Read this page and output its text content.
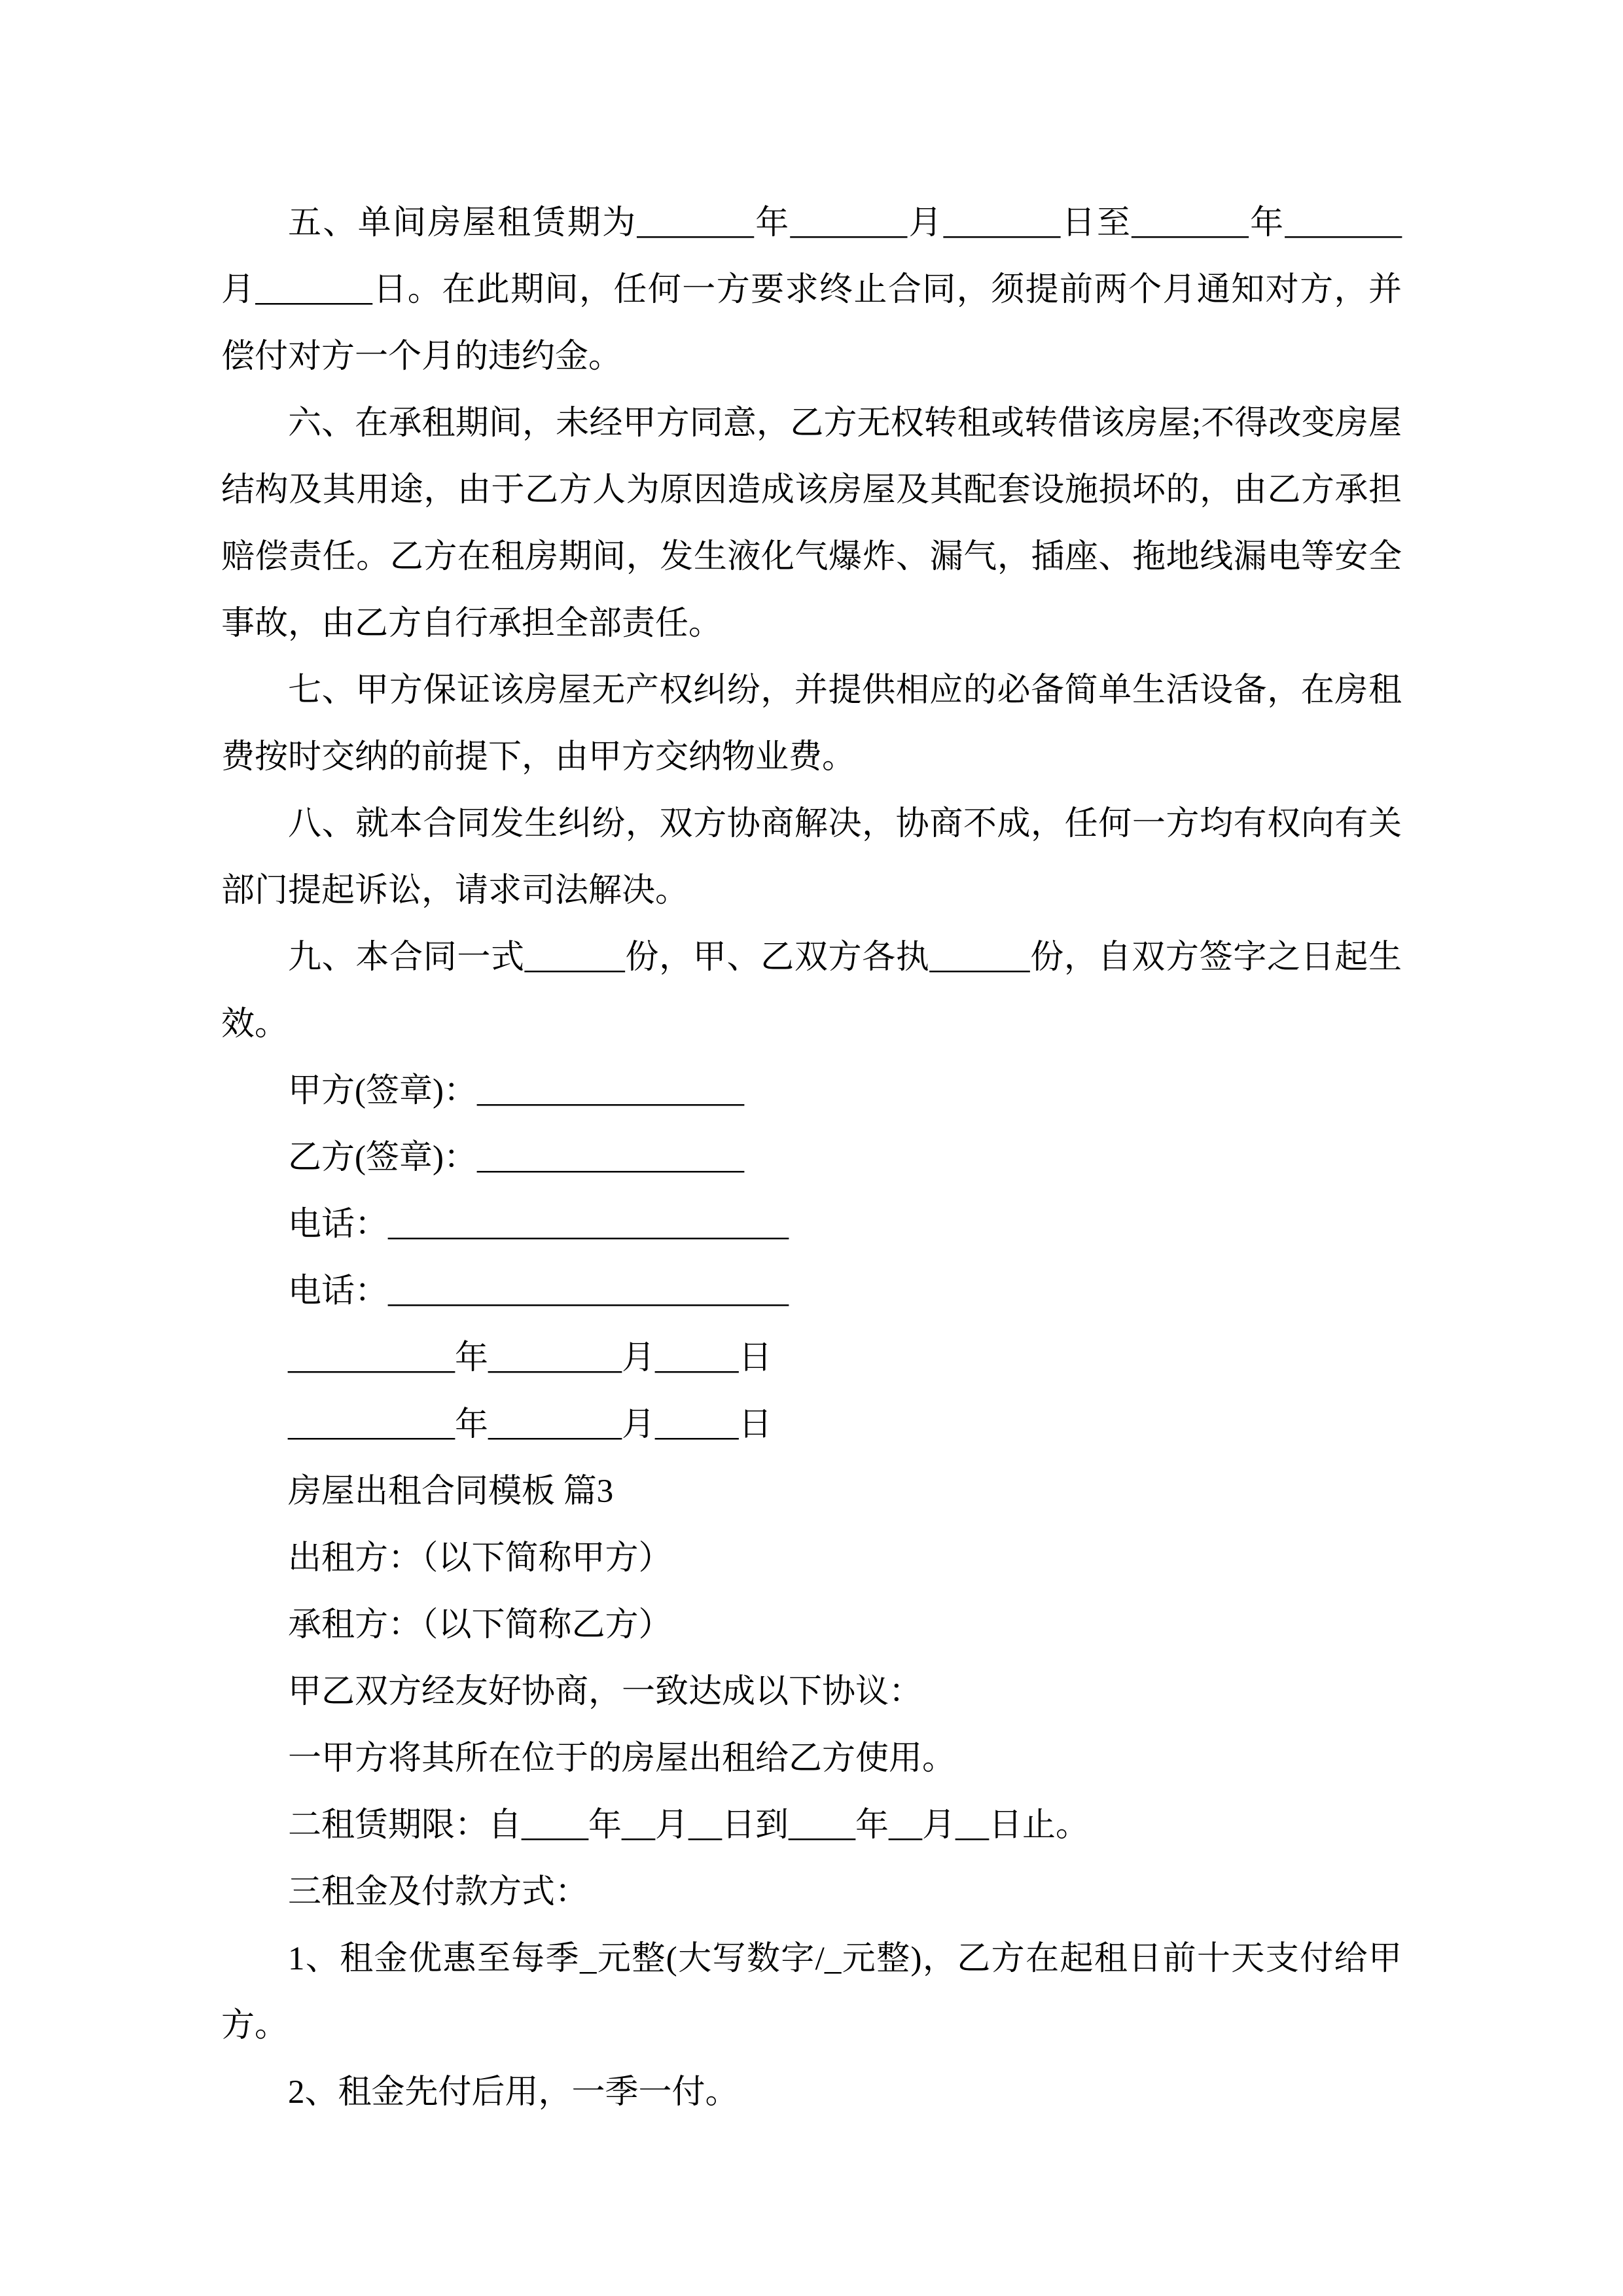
五、单间房屋租赁期为_______年_______月_______日至_______年_______月_______日。在此期间，任何一方要求终止合同，须提前两个月通知对方，并偿付对方一个月的违约金。

六、在承租期间，未经甲方同意，乙方无权转租或转借该房屋;不得改变房屋结构及其用途，由于乙方人为原因造成该房屋及其配套设施损坏的，由乙方承担赔偿责任。乙方在租房期间，发生液化气爆炸、漏气，插座、拖地线漏电等安全事故，由乙方自行承担全部责任。

七、甲方保证该房屋无产权纠纷，并提供相应的必备简单生活设备，在房租费按时交纳的前提下，由甲方交纳物业费。

八、就本合同发生纠纷，双方协商解决，协商不成，任何一方均有权向有关部门提起诉讼，请求司法解决。

九、本合同一式______份，甲、乙双方各执______份，自双方签字之日起生效。

甲方(签章)：________________

乙方(签章)：________________

电话：________________________

电话：________________________

__________年________月_____日

__________年________月_____日

房屋出租合同模板 篇3

出租方：（以下简称甲方）

承租方：（以下简称乙方）

甲乙双方经友好协商，一致达成以下协议：

一甲方将其所在位于的房屋出租给乙方使用。

二租赁期限：自____年__月__日到____年__月__日止。

三租金及付款方式：

1、租金优惠至每季_元整(大写数字/_元整)，乙方在起租日前十天支付给甲方。

2、租金先付后用，一季一付。
